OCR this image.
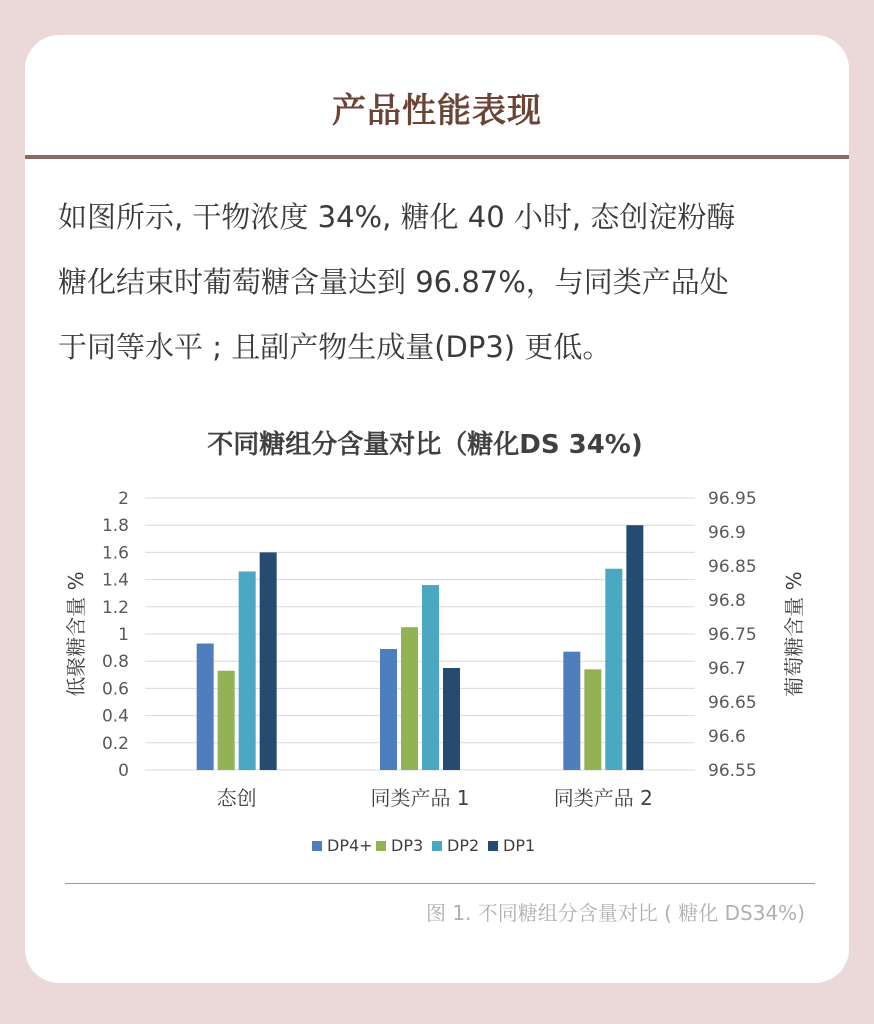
产品性能表现
如图所示, 干物浓度 34%, 糖化 40 小时, 态创淀粉酶
糖化结束时葡萄糖含量达到 96.87%，与同类产品处
于同等水平 ; 且副产物生成量(DP3) 更低。
不同糖组分含量对比（糖化DS 34%)
0
0.2
0.4
0.6
0.8
1
1.2
1.4
1.6
1.8
2
96.55
96.6
96.65
96.7
96.75
96.8
96.85
96.9
96.95
态创	同类产品 1	同类产品 2
低聚糖含量 %	葡萄糖含量 %
DP4+ DP3 DP2 DP1
图 1. 不同糖组分含量对比 ( 糖化 DS34%)
